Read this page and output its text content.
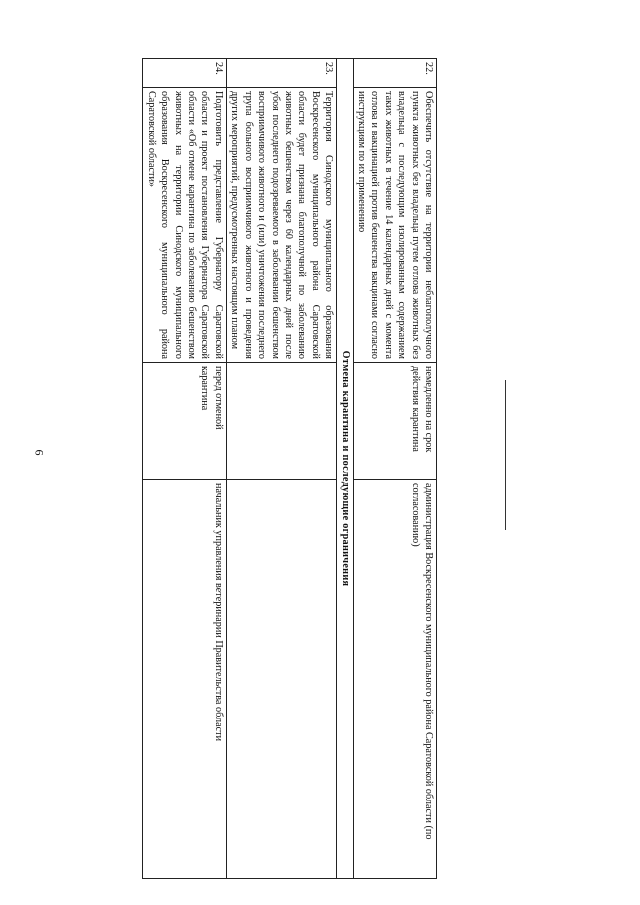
6
22.	Обеспечить отсутствие на территории неблагополучного пункта животных без владельца путем отлова животных без владельца с последующим изолированным содержанием таких животных в течение 14 календарных дней с момента отлова и вакцинацией против бешенства вакцинами согласно инструкциям по их применению	немедленно на срок действия карантина	администрация Воскресенского муниципального района Саратовской области (по согласованию)
Отмена карантина и последующие ограничения			
23.	Территория Синодского муниципального образования Воскресенского муниципального района Саратовской области будет признана благополучной по заболеванию животных бешенством через 60 календарных дней после убоя последнего подозреваемого в заболевании бешенством восприимчивого животного и (или) уничтожения последнего трупа больного восприимчивого животного и проведения других мероприятий, предусмотренных настоящим планом		
24.	Подготовить представление Губернатору Саратовской области и проект постановления Губернатора Саратовской области «Об отмене карантина по заболеванию бешенством животных на территории Синодского муниципального образования Воскресенского муниципального района Саратовской области»	перед отменой карантина	начальник управления ветеринарии Правительства области
